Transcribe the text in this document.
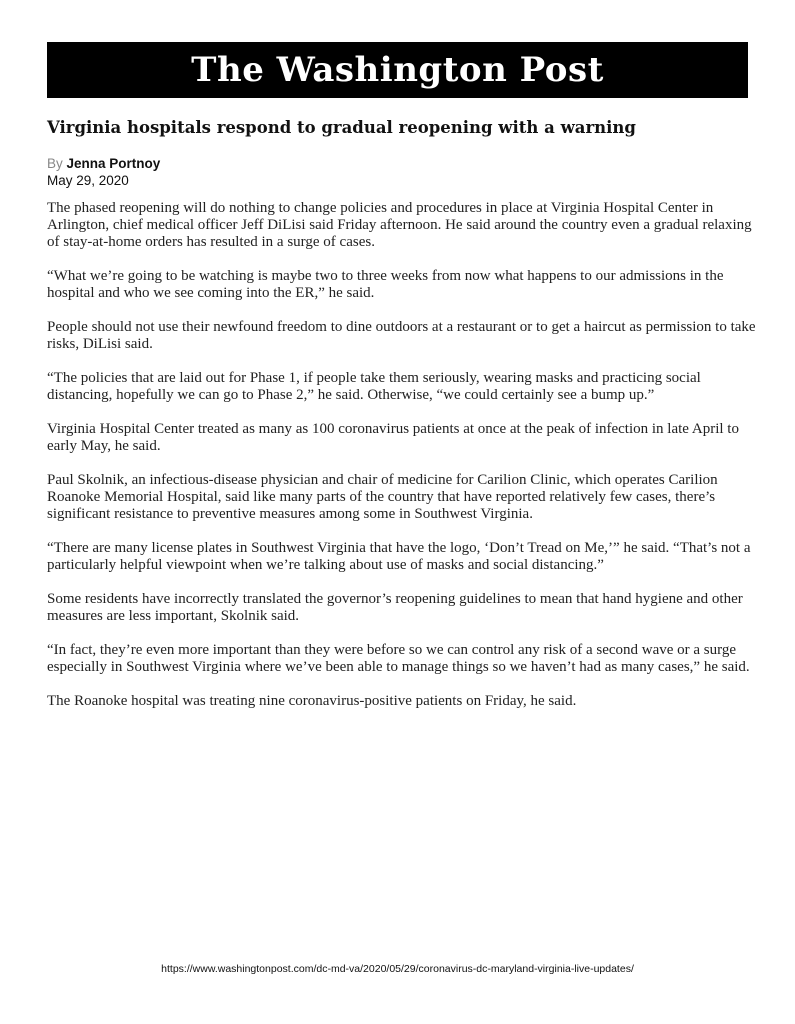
The Washington Post
Virginia hospitals respond to gradual reopening with a warning
By Jenna Portnoy
May 29, 2020

The phased reopening will do nothing to change policies and procedures in place at Virginia Hospital Center in Arlington, chief medical officer Jeff DiLisi said Friday afternoon. He said around the country even a gradual relaxing of stay-at-home orders has resulted in a surge of cases.

“What we’re going to be watching is maybe two to three weeks from now what happens to our admissions in the hospital and who we see coming into the ER,” he said.

People should not use their newfound freedom to dine outdoors at a restaurant or to get a haircut as permission to take risks, DiLisi said.

“The policies that are laid out for Phase 1, if people take them seriously, wearing masks and practicing social distancing, hopefully we can go to Phase 2,” he said. Otherwise, “we could certainly see a bump up.”

Virginia Hospital Center treated as many as 100 coronavirus patients at once at the peak of infection in late April to early May, he said.

Paul Skolnik, an infectious-disease physician and chair of medicine for Carilion Clinic, which operates Carilion Roanoke Memorial Hospital, said like many parts of the country that have reported relatively few cases, there’s significant resistance to preventive measures among some in Southwest Virginia.

“There are many license plates in Southwest Virginia that have the logo, ‘Don’t Tread on Me,’” he said. “That’s not a particularly helpful viewpoint when we’re talking about use of masks and social distancing.”

Some residents have incorrectly translated the governor’s reopening guidelines to mean that hand hygiene and other measures are less important, Skolnik said.

“In fact, they’re even more important than they were before so we can control any risk of a second wave or a surge especially in Southwest Virginia where we’ve been able to manage things so we haven’t had as many cases,” he said.

The Roanoke hospital was treating nine coronavirus-positive patients on Friday, he said.

https://www.washingtonpost.com/dc-md-va/2020/05/29/coronavirus-dc-maryland-virginia-live-updates/
